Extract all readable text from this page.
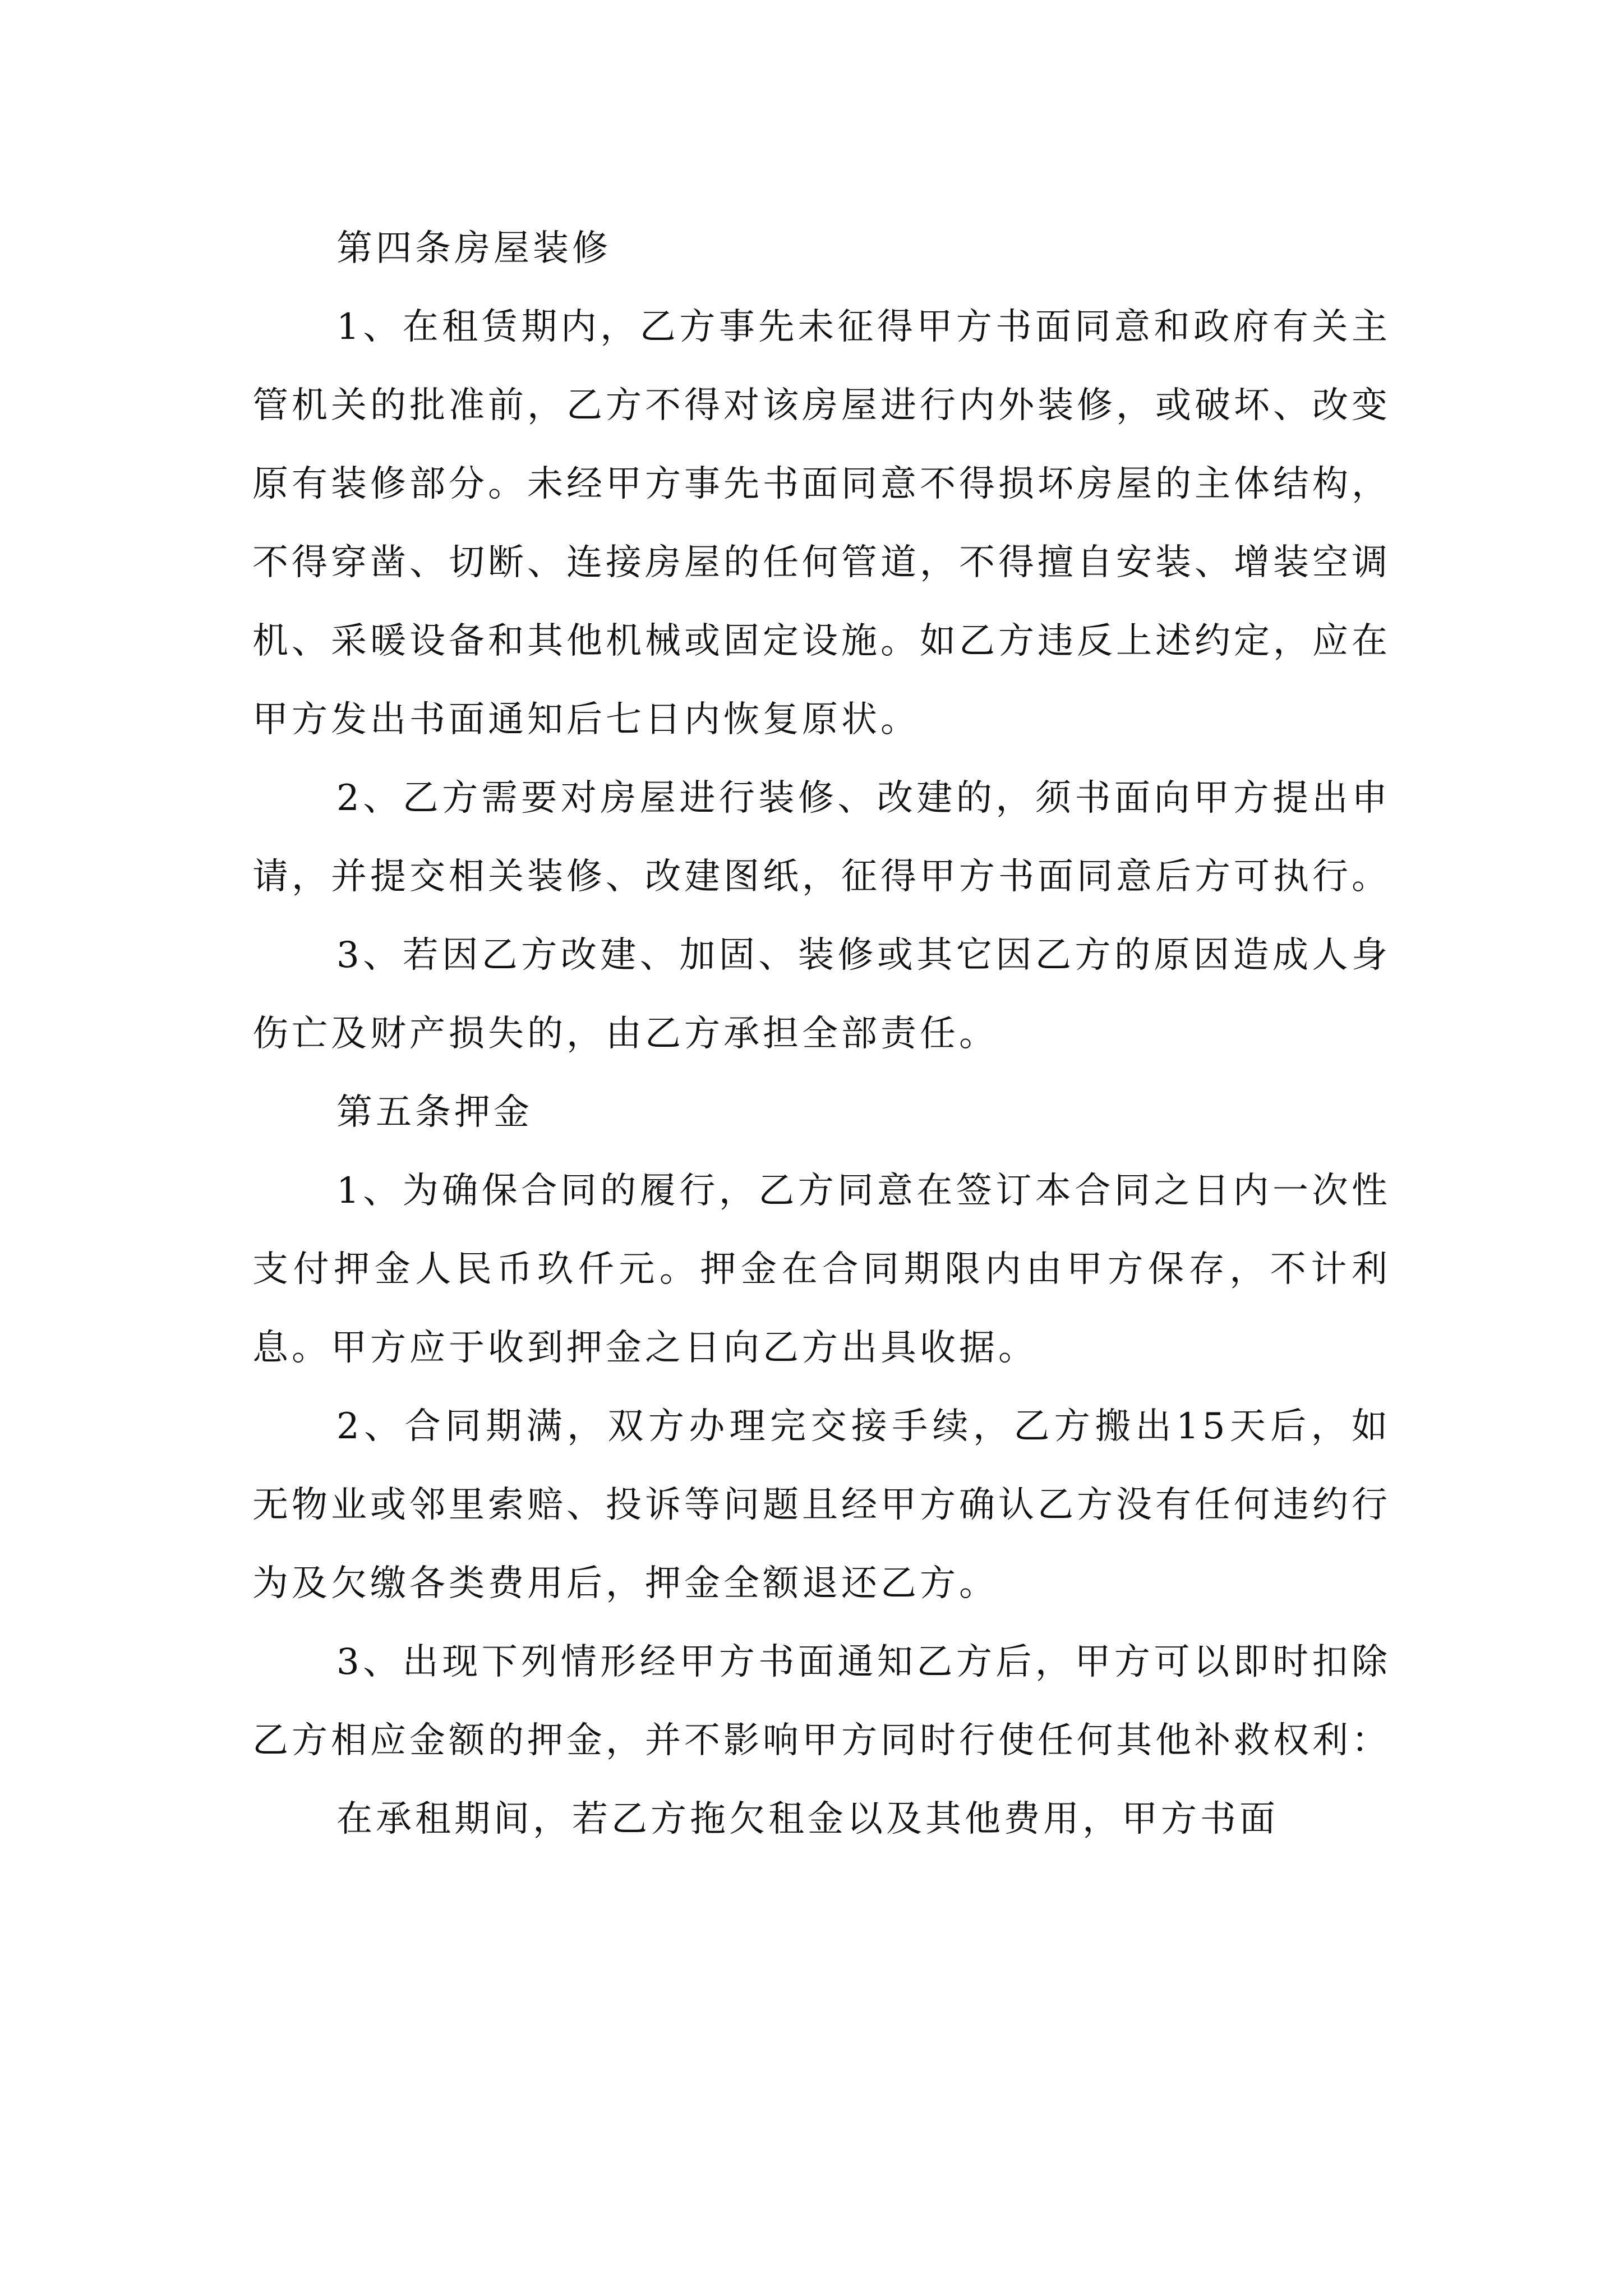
第四条房屋装修

1、在租赁期内，乙方事先未征得甲方书面同意和政府有关主管机关的批准前，乙方不得对该房屋进行内外装修，或破坏、改变原有装修部分。未经甲方事先书面同意不得损坏房屋的主体结构，不得穿凿、切断、连接房屋的任何管道，不得擅自安装、增装空调机、采暖设备和其他机械或固定设施。如乙方违反上述约定，应在甲方发出书面通知后七日内恢复原状。

2、乙方需要对房屋进行装修、改建的，须书面向甲方提出申请，并提交相关装修、改建图纸，征得甲方书面同意后方可执行。

3、若因乙方改建、加固、装修或其它因乙方的原因造成人身伤亡及财产损失的，由乙方承担全部责任。

第五条押金

1、为确保合同的履行，乙方同意在签订本合同之日内一次性支付押金人民币玖仟元。押金在合同期限内由甲方保存，不计利息。甲方应于收到押金之日向乙方出具收据。

2、合同期满，双方办理完交接手续，乙方搬出15天后，如无物业或邻里索赔、投诉等问题且经甲方确认乙方没有任何违约行为及欠缴各类费用后，押金全额退还乙方。

3、出现下列情形经甲方书面通知乙方后，甲方可以即时扣除乙方相应金额的押金，并不影响甲方同时行使任何其他补救权利：

在承租期间，若乙方拖欠租金以及其他费用，甲方书面
